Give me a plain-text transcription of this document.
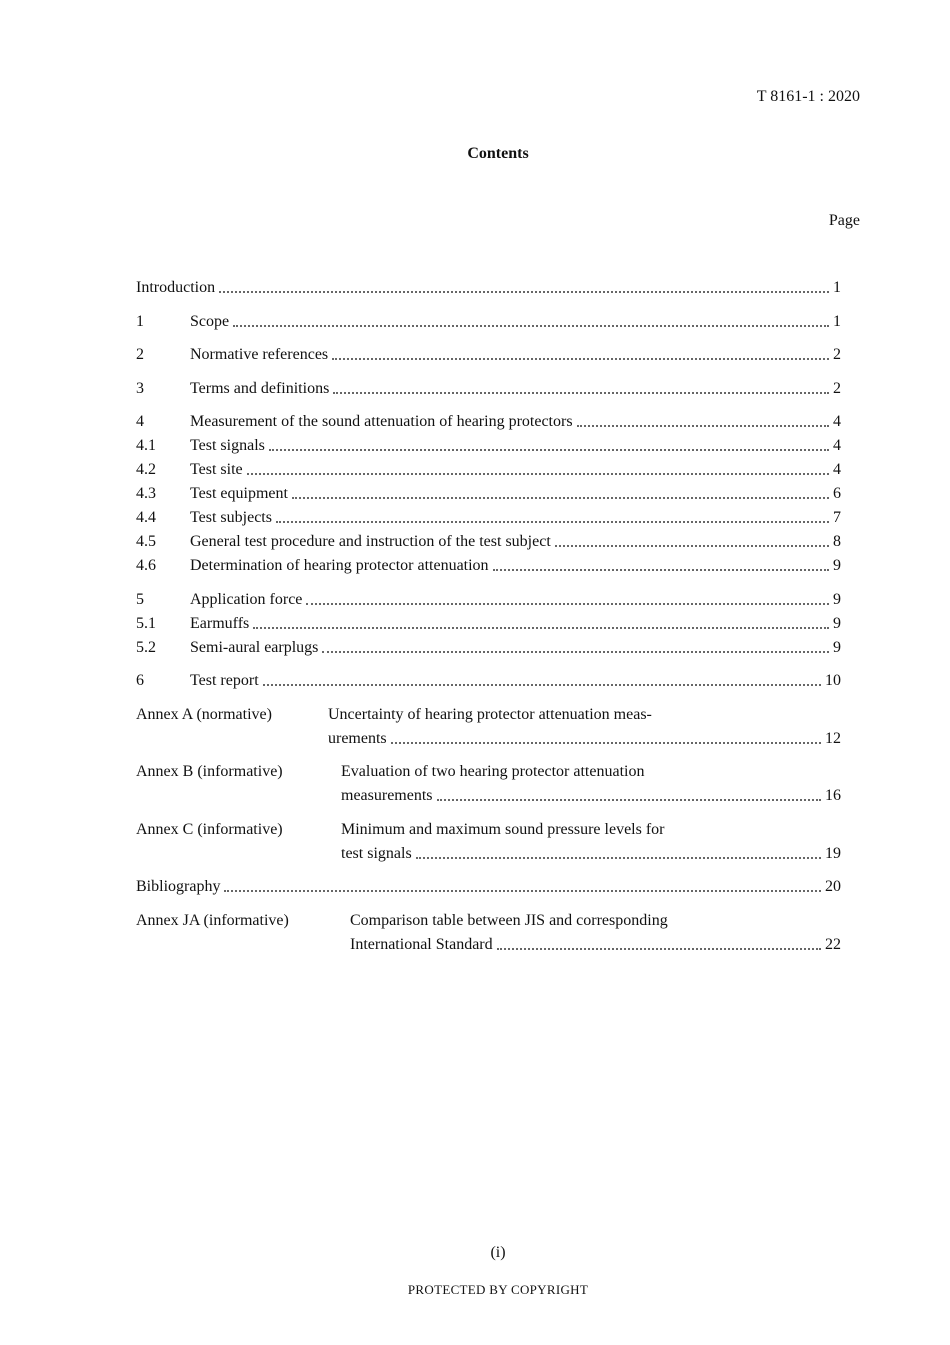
T 8161-1 : 2020
Contents
Page
Introduction	1
1	Scope	1
2	Normative references	2
3	Terms and definitions	2
4	Measurement of the sound attenuation of hearing protectors	4
4.1	Test signals	4
4.2	Test site	4
4.3	Test equipment	6
4.4	Test subjects	7
4.5	General test procedure and instruction of the test subject	8
4.6	Determination of hearing protector attenuation	9
5	Application force	9
5.1	Earmuffs	9
5.2	Semi-aural earplugs	9
6	Test report	10
Annex A (normative)	Uncertainty of hearing protector attenuation meas-
urements	12
Annex B (informative)	Evaluation of two hearing protector attenuation
measurements	16
Annex C (informative)	Minimum and maximum sound pressure levels for
test signals	19
Bibliography	20
Annex JA (informative)	Comparison table between JIS and corresponding
International Standard	22
(i)
PROTECTED BY COPYRIGHT
